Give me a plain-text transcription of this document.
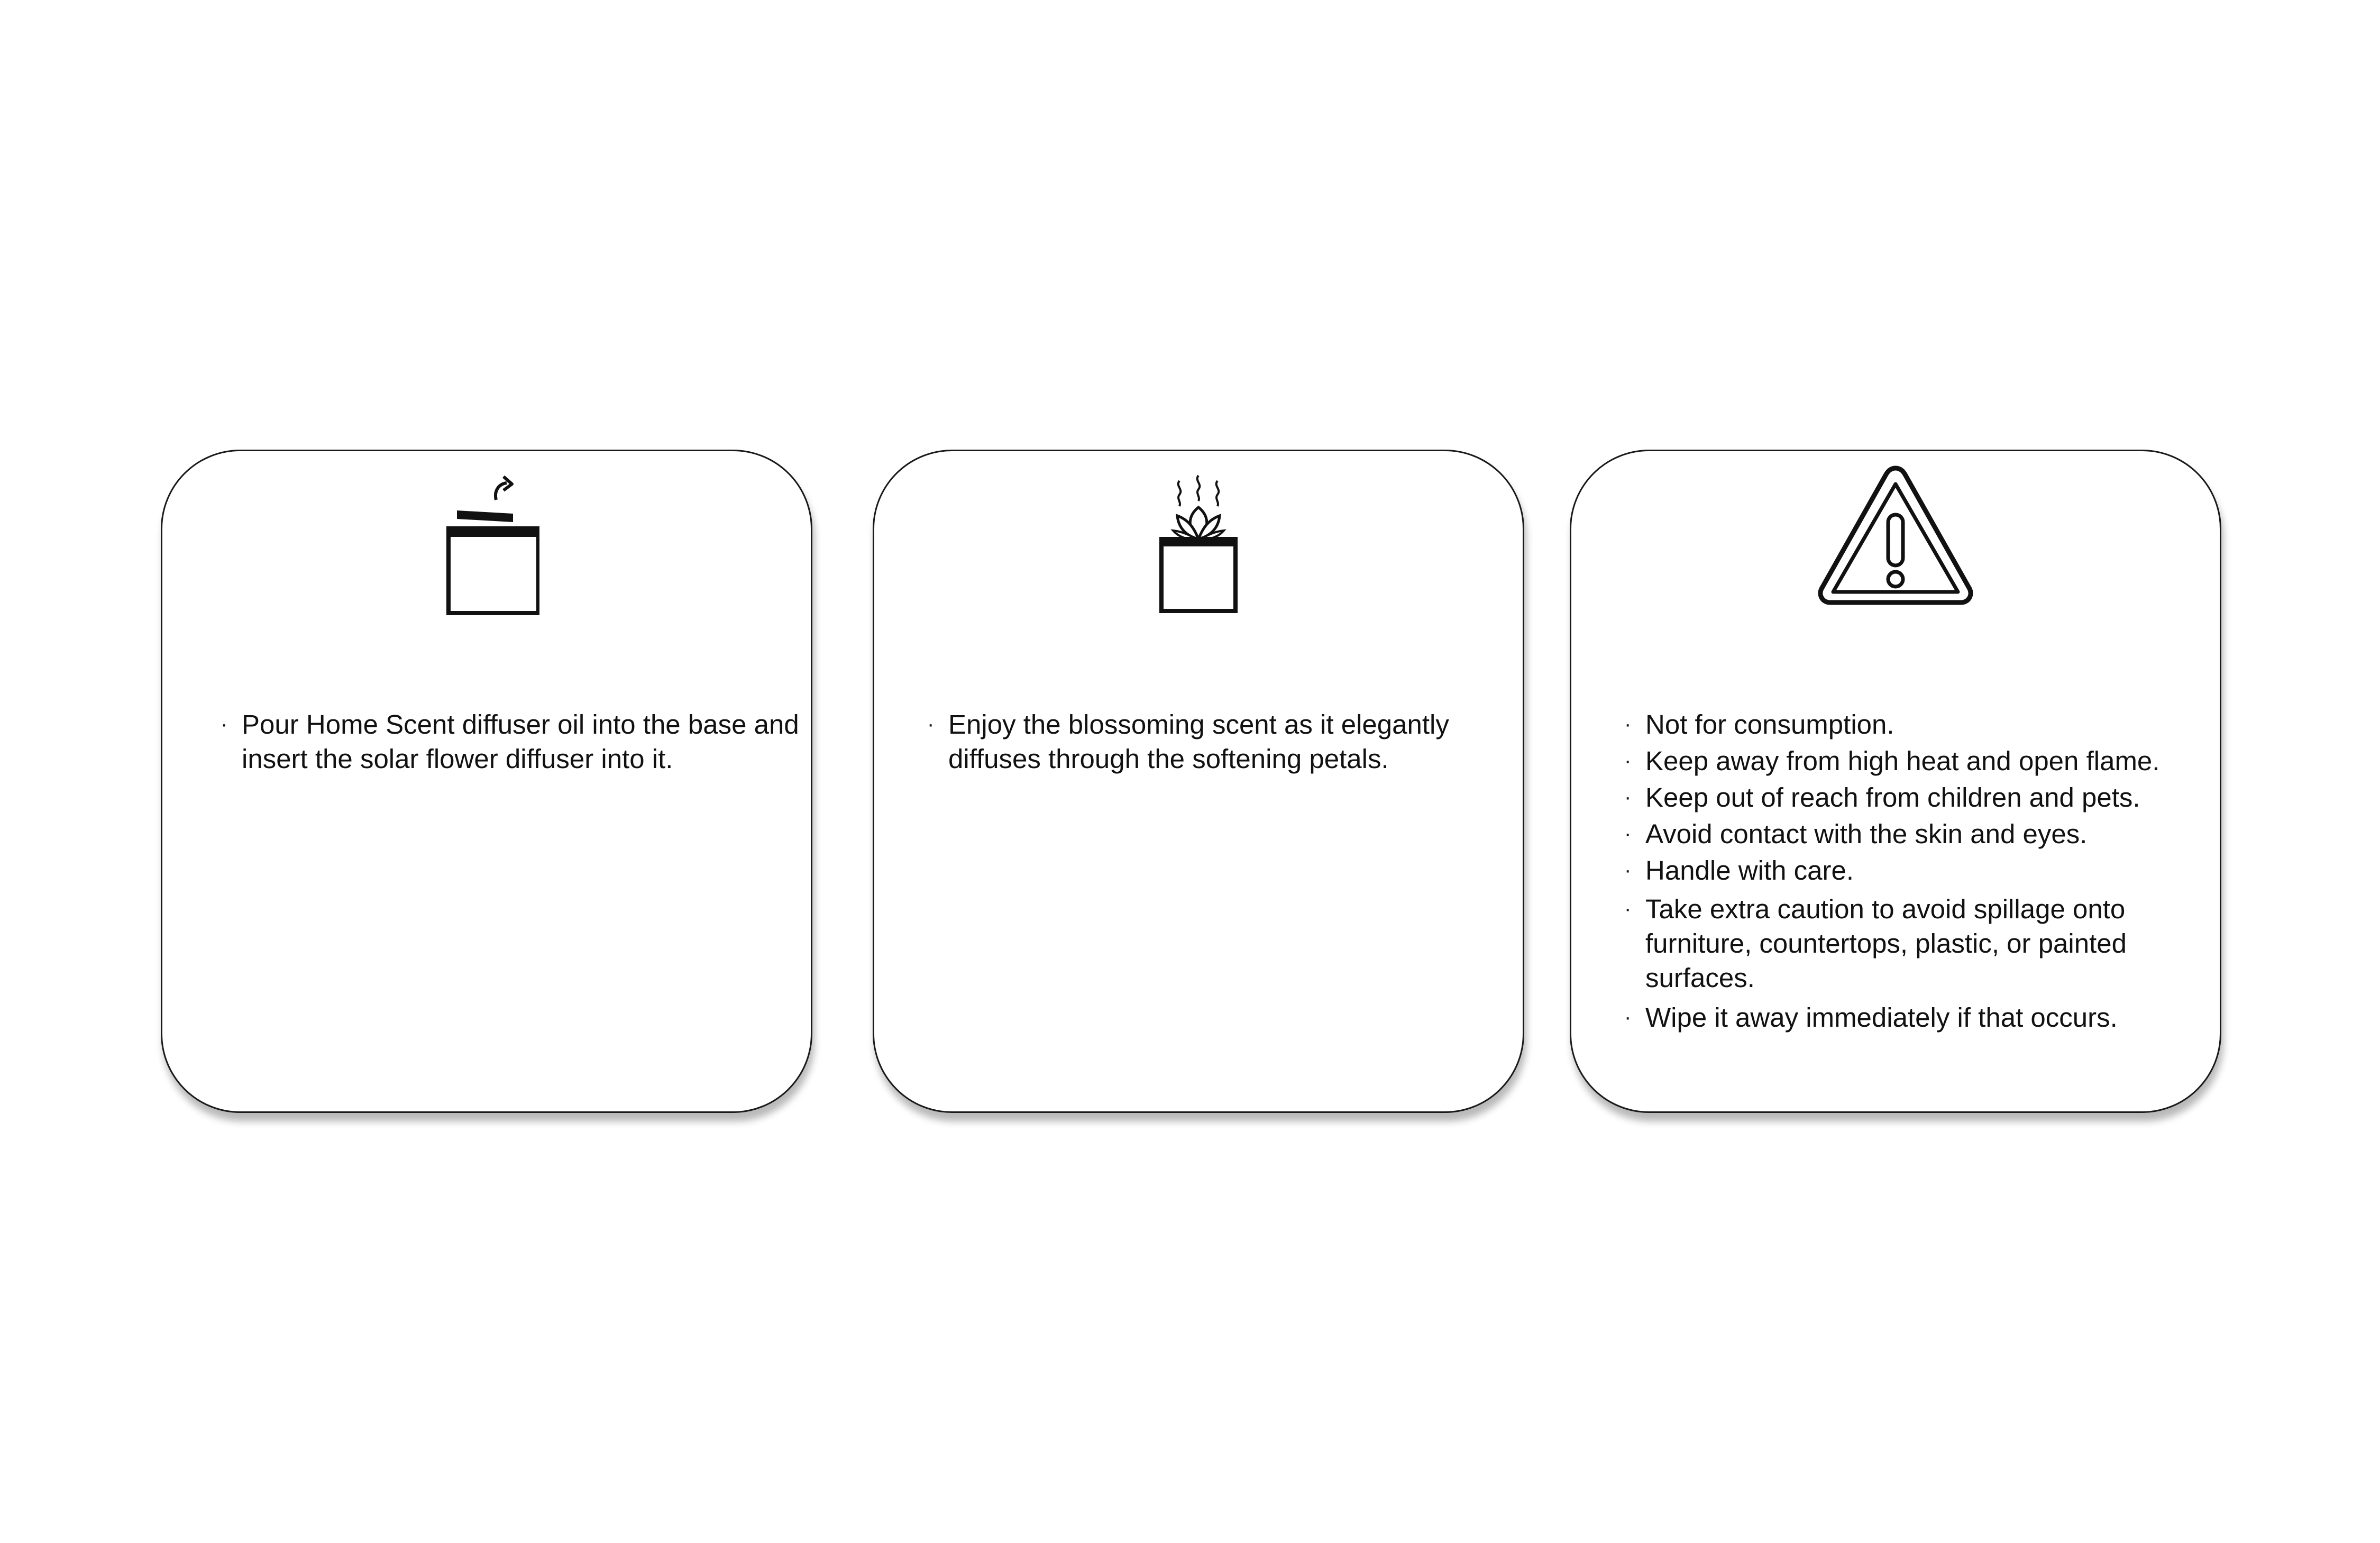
· Pour Home Scent diffuser oil into the base and insert the solar flower diffuser into it.
· Enjoy the blossoming scent as it elegantly diffuses through the softening petals.
· Not for consumption.
· Keep away from high heat and open flame.
· Keep out of reach from children and pets.
· Avoid contact with the skin and eyes.
· Handle with care.
· Take extra caution to avoid spillage onto furniture, countertops, plastic, or painted surfaces.
· Wipe it away immediately if that occurs.
